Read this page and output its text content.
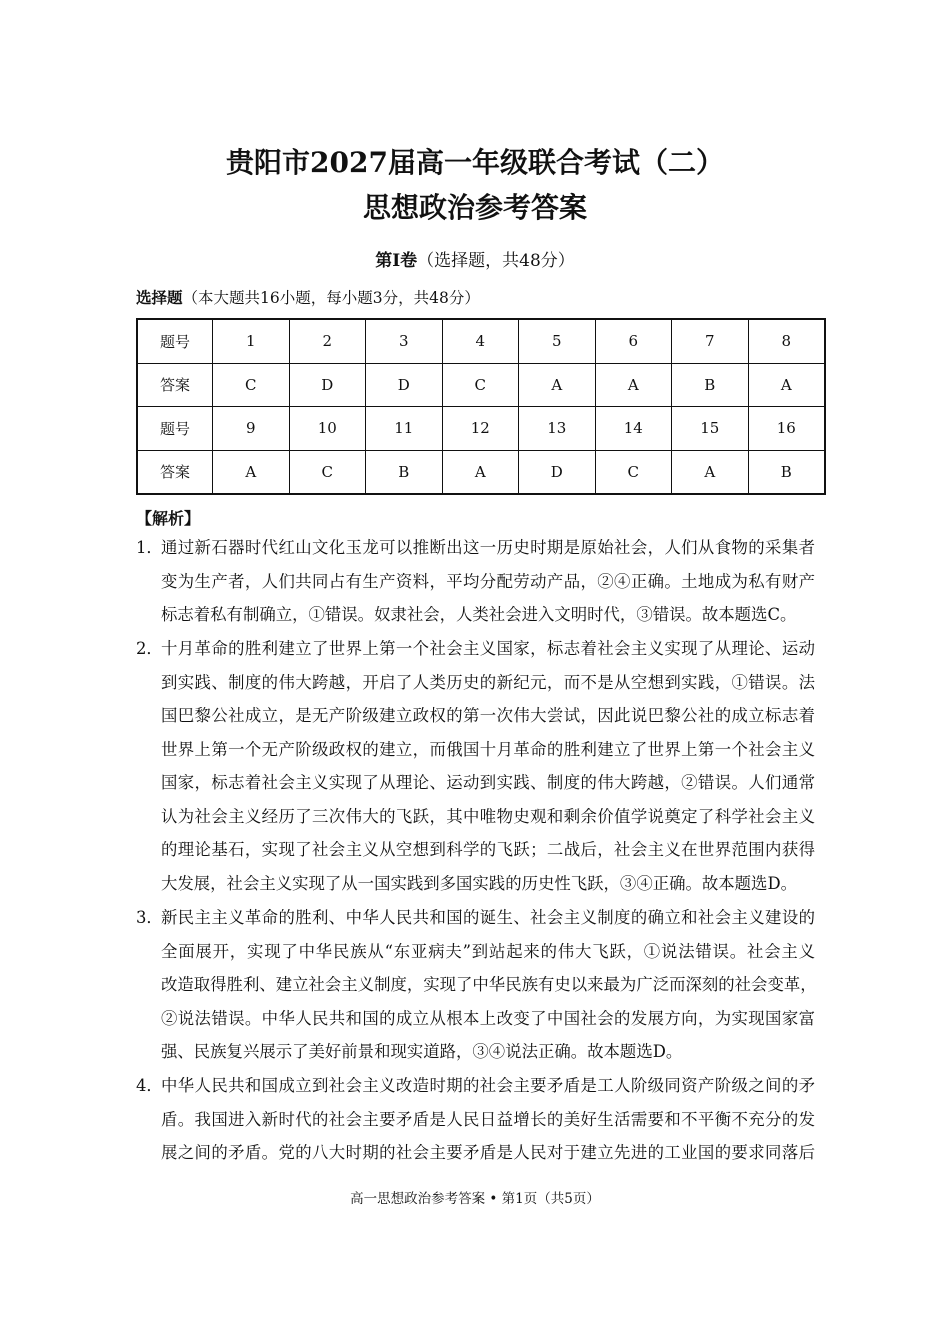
贵阳市2027届高一年级联合考试（二）
思想政治参考答案
第Ⅰ卷（选择题，共48分）
选择题（本大题共16小题，每小题3分，共48分）
题号	1	2	3	4	5	6	7	8
答案	C	D	D	C	A	A	B	A
题号	9	10	11	12	13	14	15	16
答案	A	C	B	A	D	C	A	B
【解析】
1．
通过新石器时代红山文化玉龙可以推断出这一历史时期是原始社会，人们从食物的采集者
变为生产者，人们共同占有生产资料，平均分配劳动产品，②④正确。土地成为私有财产
标志着私有制确立，①错误。奴隶社会，人类社会进入文明时代，③错误。故本题选C。
2．
十月革命的胜利建立了世界上第一个社会主义国家，标志着社会主义实现了从理论、运动
到实践、制度的伟大跨越，开启了人类历史的新纪元，而不是从空想到实践，①错误。法
国巴黎公社成立，是无产阶级建立政权的第一次伟大尝试，因此说巴黎公社的成立标志着
世界上第一个无产阶级政权的建立，而俄国十月革命的胜利建立了世界上第一个社会主义
国家，标志着社会主义实现了从理论、运动到实践、制度的伟大跨越，②错误。人们通常
认为社会主义经历了三次伟大的飞跃，其中唯物史观和剩余价值学说奠定了科学社会主义
的理论基石，实现了社会主义从空想到科学的飞跃；二战后，社会主义在世界范围内获得
大发展，社会主义实现了从一国实践到多国实践的历史性飞跃，③④正确。故本题选D。
3．
新民主主义革命的胜利、中华人民共和国的诞生、社会主义制度的确立和社会主义建设的
全面展开，实现了中华民族从“东亚病夫”到站起来的伟大飞跃，①说法错误。社会主义
改造取得胜利、建立社会主义制度，实现了中华民族有史以来最为广泛而深刻的社会变革，
②说法错误。中华人民共和国的成立从根本上改变了中国社会的发展方向，为实现国家富
强、民族复兴展示了美好前景和现实道路，③④说法正确。故本题选D。
4．
中华人民共和国成立到社会主义改造时期的社会主要矛盾是工人阶级同资产阶级之间的矛
盾。我国进入新时代的社会主要矛盾是人民日益增长的美好生活需要和不平衡不充分的发
展之间的矛盾。党的八大时期的社会主要矛盾是人民对于建立先进的工业国的要求同落后
高一思想政治参考答案 • 第1页（共5页）
